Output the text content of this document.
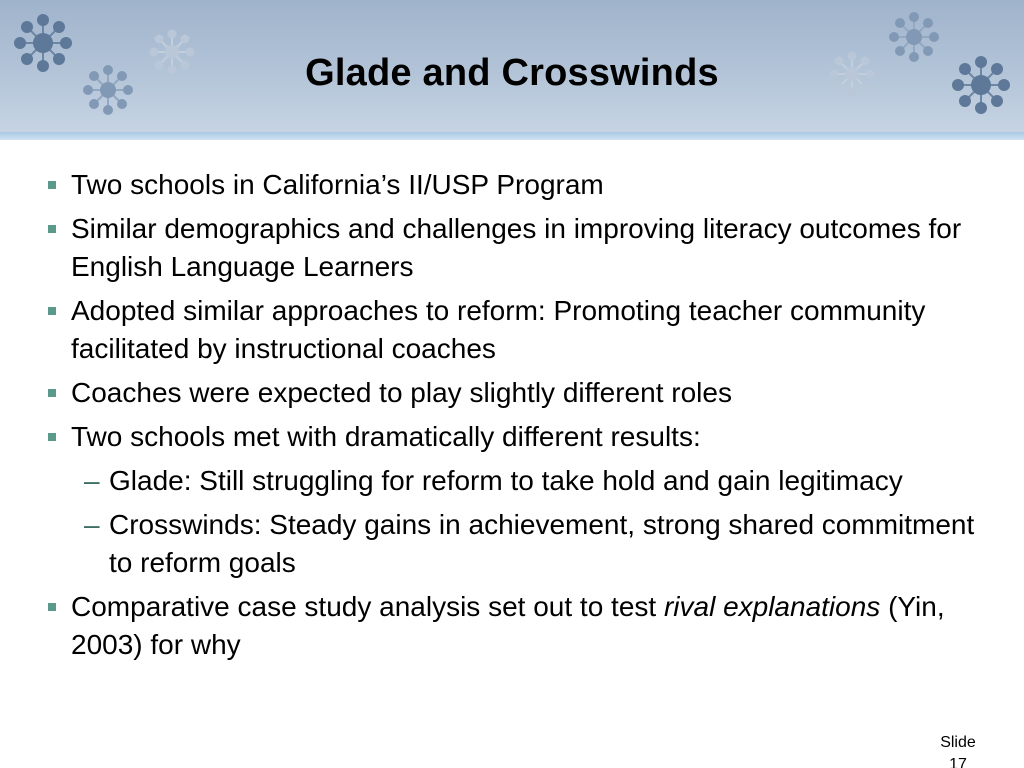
Glade and Crosswinds
Two schools in California’s II/USP Program
Similar demographics and challenges in improving literacy outcomes for English Language Learners
Adopted similar approaches to reform: Promoting teacher community facilitated by instructional coaches
Coaches were expected to play slightly different roles
Two schools met with dramatically different results:
– Glade: Still struggling for reform to take hold and gain legitimacy
– Crosswinds: Steady gains in achievement, strong shared commitment to reform goals
Comparative case study analysis set out to test rival explanations (Yin, 2003) for why
Slide
17
